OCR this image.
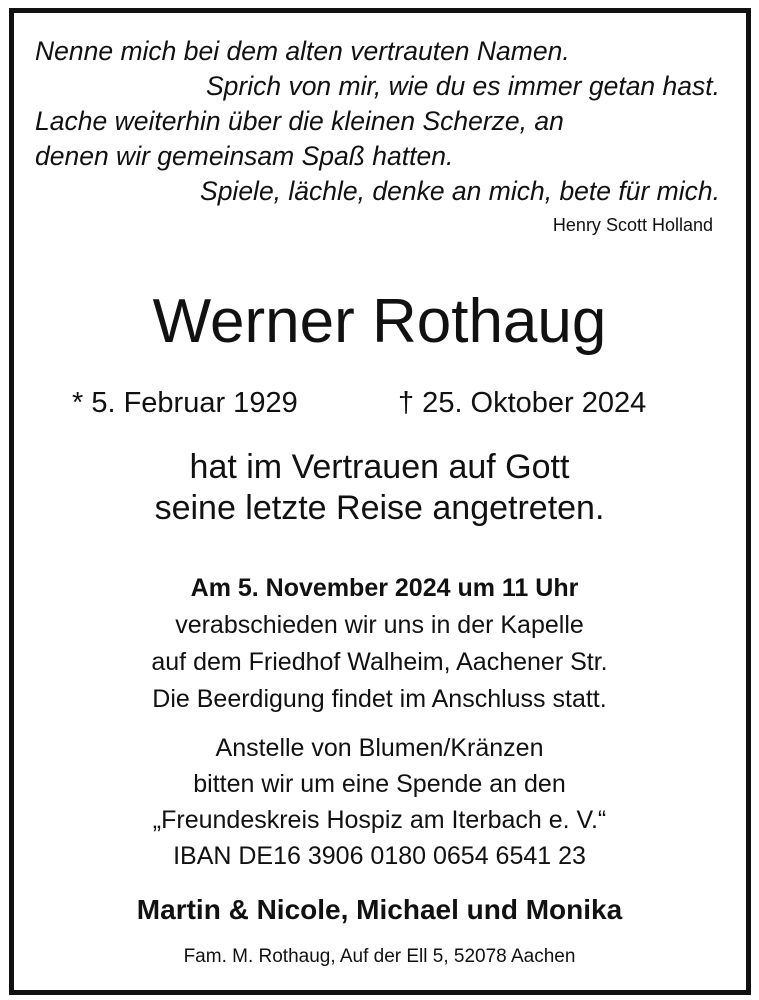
Nenne mich bei dem alten vertrauten Namen.
Sprich von mir, wie du es immer getan hast.
Lache weiterhin über die kleinen Scherze, an
denen wir gemeinsam Spaß hatten.
Spiele, lächle, denke an mich, bete für mich.
Henry Scott Holland
Werner Rothaug
* 5. Februar 1929	† 25. Oktober 2024
hat im Vertrauen auf Gott
seine letzte Reise angetreten.
Am 5. November 2024 um 11 Uhr
verabschieden wir uns in der Kapelle
auf dem Friedhof Walheim, Aachener Str.
Die Beerdigung findet im Anschluss statt.
Anstelle von Blumen/Kränzen
bitten wir um eine Spende an den
„Freundeskreis Hospiz am Iterbach e. V.“
IBAN DE16 3906 0180 0654 6541 23
Martin & Nicole, Michael und Monika
Fam. M. Rothaug, Auf der Ell 5, 52078 Aachen
